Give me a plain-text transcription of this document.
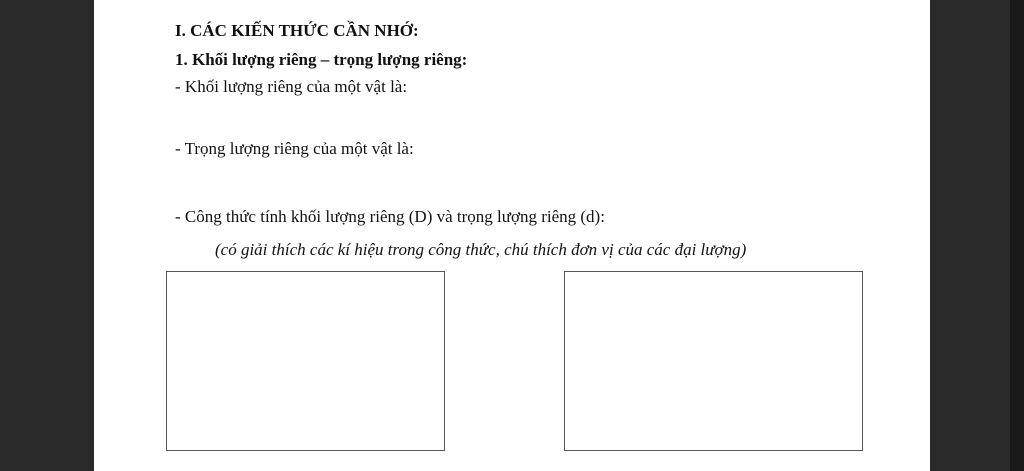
I. CÁC KIẾN THỨC CẦN NHỚ:
1. Khối lượng riêng – trọng lượng riêng:
- Khối lượng riêng của một vật là:
- Trọng lượng riêng của một vật là:
- Công thức tính khối lượng riêng (D) và trọng lượng riêng (d):
(có giải thích các kí hiệu trong công thức, chú thích đơn vị của các đại lượng)
